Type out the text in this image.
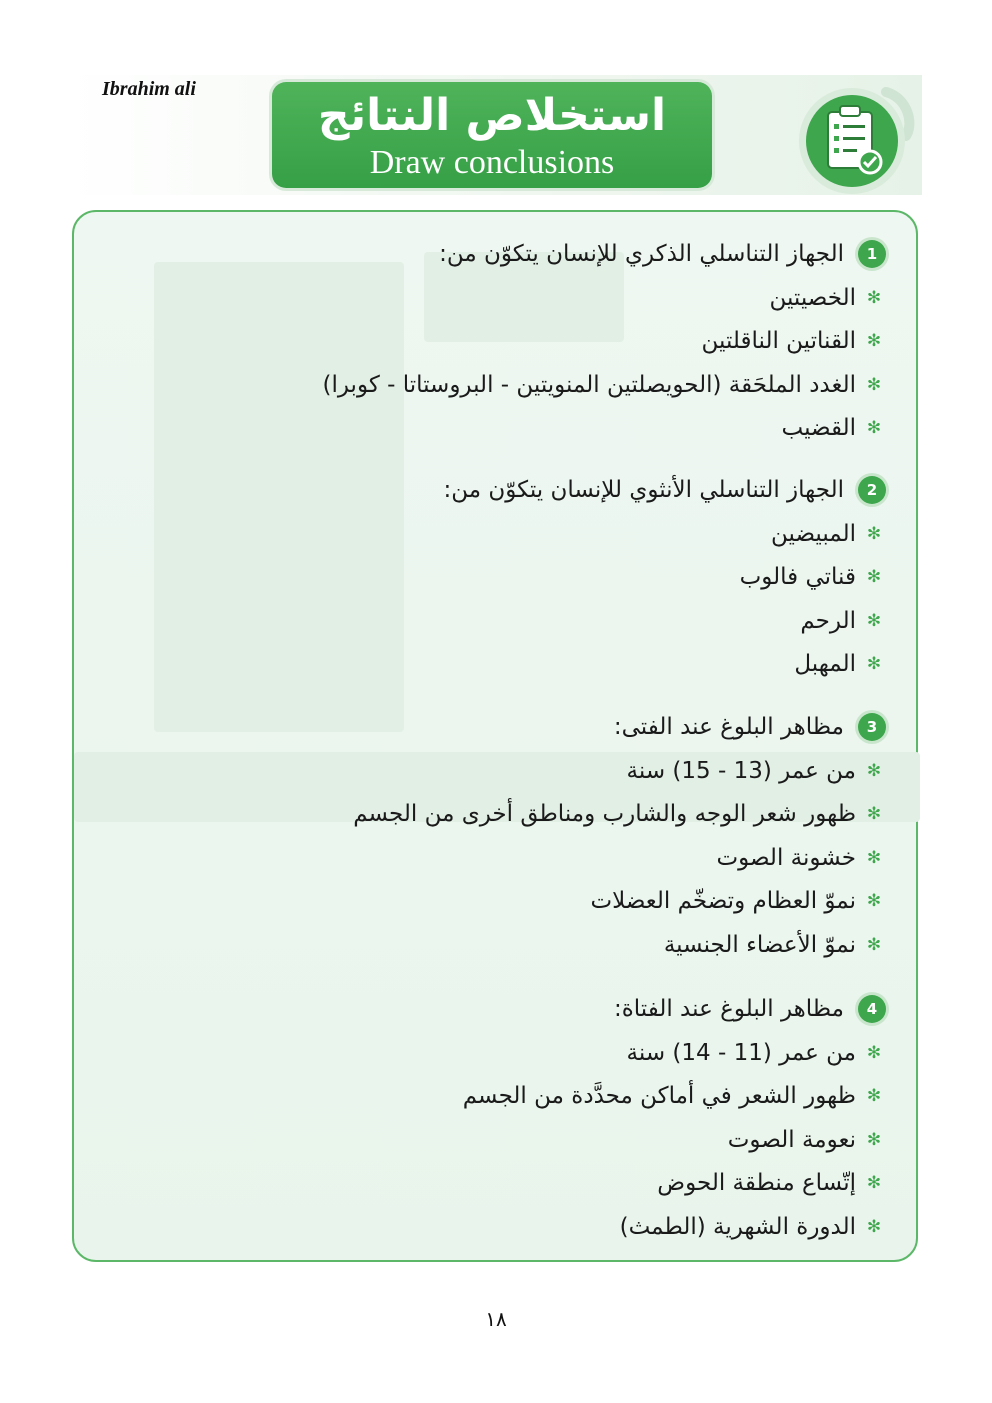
Ibrahim ali
استخلاص النتائج
Draw conclusions
1
الجهاز التناسلي الذكري للإنسان يتكوّن من:
✻
الخصيتين
✻
القناتين الناقلتين
✻
الغدد الملحَقة (الحويصلتين المنويتين - البروستاتا - كوبرا)
✻
القضيب
2
الجهاز التناسلي الأنثوي للإنسان يتكوّن من:
✻
المبيضين
✻
قناتي فالوب
✻
الرحم
✻
المهبل
3
مظاهر البلوغ عند الفتى:
✻
من عمر (13 - 15) سنة
✻
ظهور شعر الوجه والشارب ومناطق أخرى من الجسم
✻
خشونة الصوت
✻
نموّ العظام وتضخّم العضلات
✻
نموّ الأعضاء الجنسية
4
مظاهر البلوغ عند الفتاة:
✻
من عمر (11 - 14) سنة
✻
ظهور الشعر في أماكن محدَّدة من الجسم
✻
نعومة الصوت
✻
إتّساع منطقة الحوض
✻
الدورة الشهرية (الطمث)
١٨
